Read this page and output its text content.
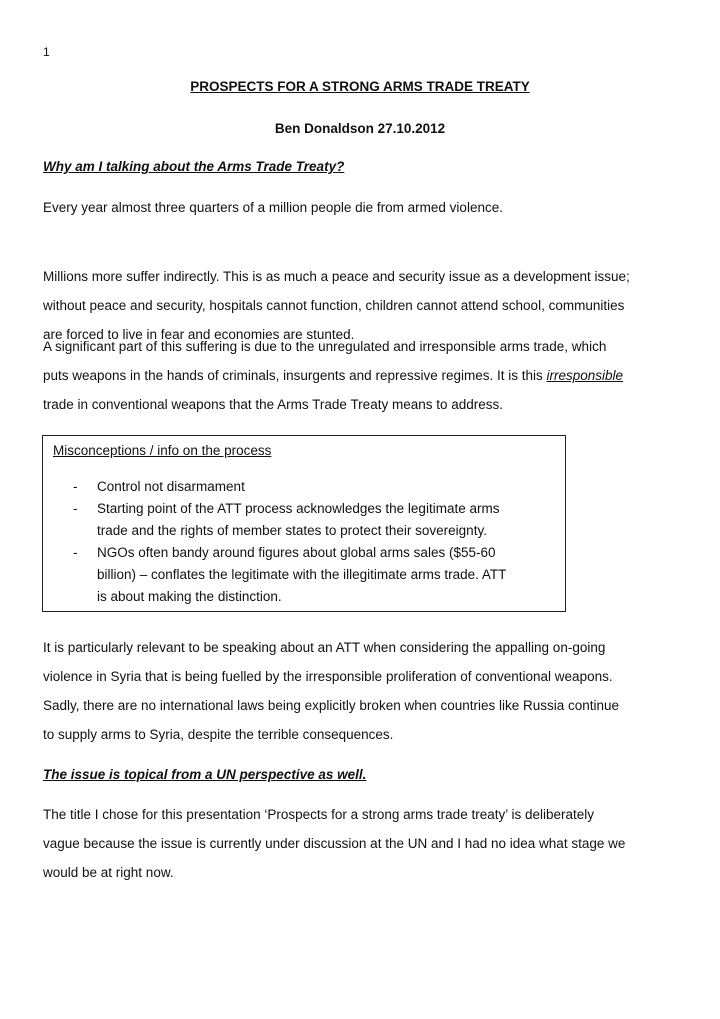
1
PROSPECTS FOR A STRONG ARMS TRADE TREATY
Ben Donaldson 27.10.2012
Why am I talking about the Arms Trade Treaty?
Every year almost three quarters of a million people die from armed violence.
Millions more suffer indirectly. This is as much a peace and security issue as a development issue;
without peace and security, hospitals cannot function, children cannot attend school, communities
are forced to live in fear and economies are stunted.
A significant part of this suffering is due to the unregulated and irresponsible arms trade, which
puts weapons in the hands of criminals, insurgents and repressive regimes. It is this irresponsible
trade in conventional weapons that the Arms Trade Treaty means to address.
Misconceptions / info on the process
- Control not disarmament
- Starting point of the ATT process acknowledges the legitimate arms
trade and the rights of member states to protect their sovereignty.
- NGOs often bandy around figures about global arms sales ($55-60
billion) – conflates the legitimate with the illegitimate arms trade. ATT
is about making the distinction.
It is particularly relevant to be speaking about an ATT when considering the appalling on-going
violence in Syria that is being fuelled by the irresponsible proliferation of conventional weapons.
Sadly, there are no international laws being explicitly broken when countries like Russia continue
to supply arms to Syria, despite the terrible consequences.
The issue is topical from a UN perspective as well.
The title I chose for this presentation ‘Prospects for a strong arms trade treaty’ is deliberately
vague because the issue is currently under discussion at the UN and I had no idea what stage we
would be at right now.
